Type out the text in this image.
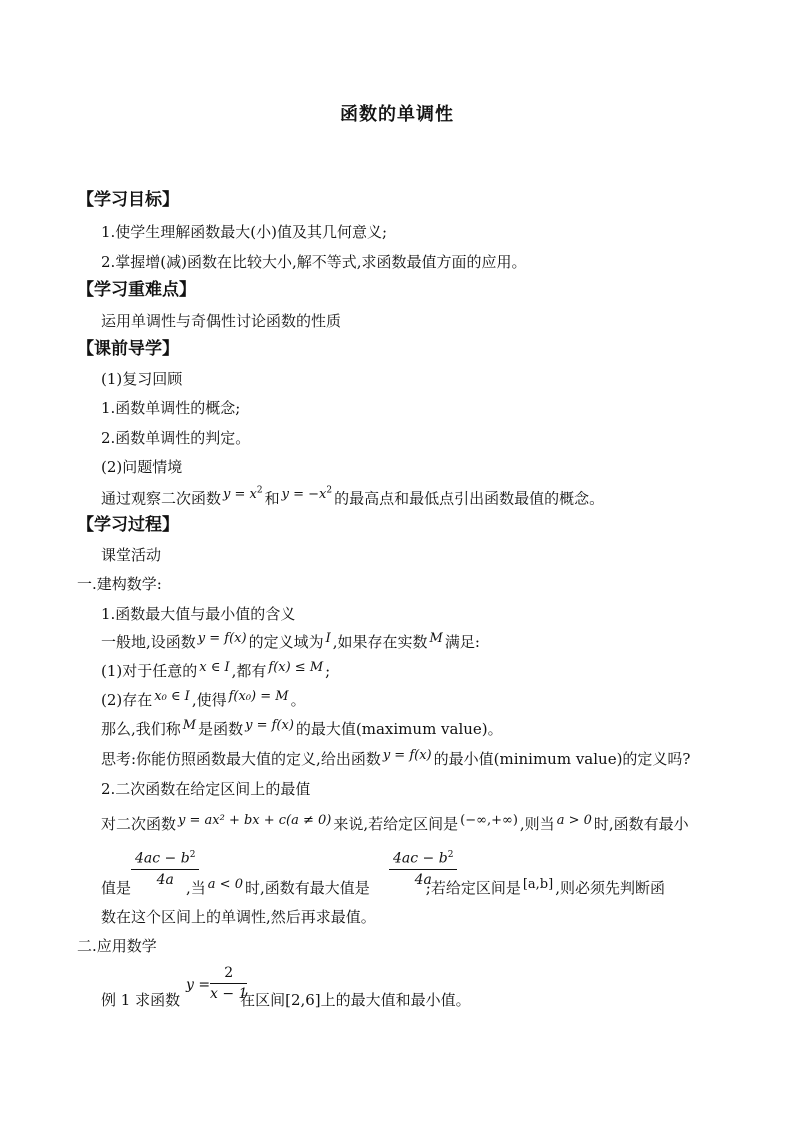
函数的单调性
【学习目标】
1.使学生理解函数最大(小)值及其几何意义;
2.掌握增(减)函数在比较大小,解不等式,求函数最值方面的应用。
【学习重难点】
运用单调性与奇偶性讨论函数的性质
【课前导学】
(1)复习回顾
1.函数单调性的概念;
2.函数单调性的判定。
(2)问题情境
通过观察二次函数 $y = x^2$ 和 $y = -x^2$ 的最高点和最低点引出函数最值的概念。
【学习过程】
课堂活动
一.建构数学:
1.函数最大值与最小值的含义
一般地,设函数 y = f(x) 的定义域为 I ,如果存在实数 M 满足:
(1)对于任意的 x ∈ I ,都有 f(x) ≤ M ;
(2)存在 x₀ ∈ I ,使得 f(x₀) = M 。
那么,我们称 M 是函数 y = f(x) 的最大值(maximum value)。
思考:你能仿照函数最大值的定义,给出函数 y = f(x) 的最小值(minimum value)的定义吗?
2.二次函数在给定区间上的最值
对二次函数 y = ax² + bx + c(a ≠ 0) 来说,若给定区间是 (−∞,+∞) ,则当 a > 0 时,函数有最小
$4ac - b^2$
4a
$4ac - b^2$
4a
值是	,当 a < 0 时,函数有最大值是	;若给定区间是 [a,b] ,则必须先判断函
数在这个区间上的单调性,然后再求最值。
二.应用数学
例 1 求函数	在区间[2,6]上的最大值和最小值。
y =
2
x − 1
